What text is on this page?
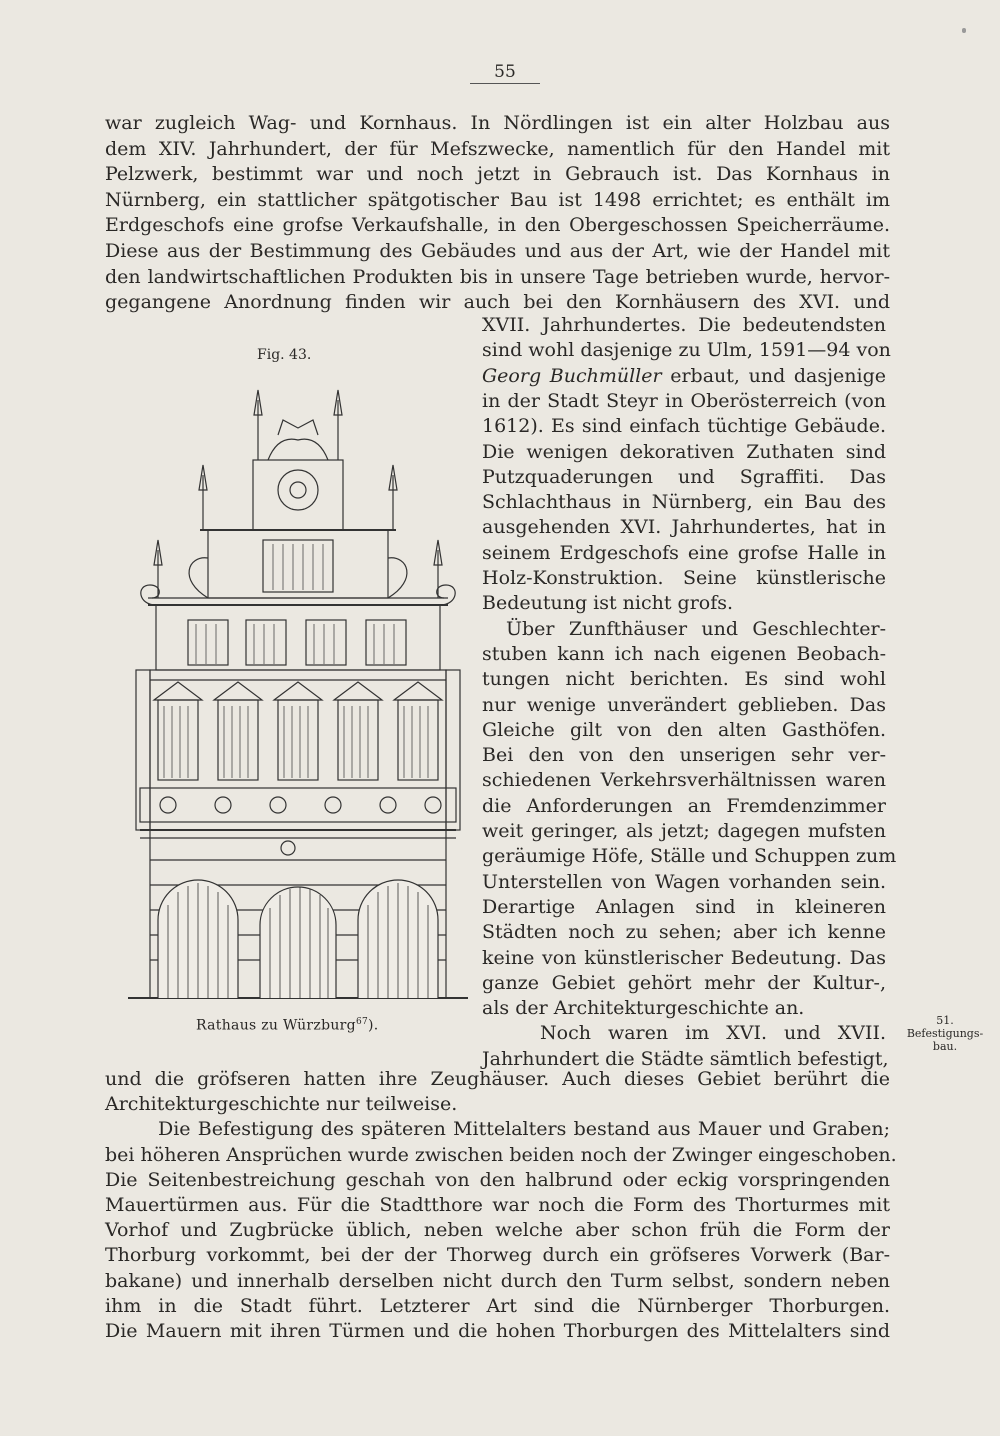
55
war zugleich Wag- und Kornhaus. In Nördlingen ist ein alter Holzbau aus
dem XIV. Jahrhundert, der für Mefszwecke, namentlich für den Handel mit
Pelzwerk, bestimmt war und noch jetzt in Gebrauch ist. Das Kornhaus in
Nürnberg, ein stattlicher spätgotischer Bau ist 1498 errichtet; es enthält im
Erdgeschofs eine grofse Verkaufshalle, in den Obergeschossen Speicherräume.
Diese aus der Bestimmung des Gebäudes und aus der Art, wie der Handel mit
den landwirtschaftlichen Produkten bis in unsere Tage betrieben wurde, hervor-
gegangene Anordnung finden wir auch bei den Kornhäusern des XVI. und
XVII. Jahrhundertes. Die bedeutendsten
sind wohl dasjenige zu Ulm, 1591—94 von
Georg Buchmüller erbaut, und dasjenige
in der Stadt Steyr in Oberösterreich (von
1612). Es sind einfach tüchtige Gebäude.
Die wenigen dekorativen Zuthaten sind
Putzquaderungen und Sgraffiti. Das
Schlachthaus in Nürnberg, ein Bau des
ausgehenden XVI. Jahrhundertes, hat in
seinem Erdgeschofs eine grofse Halle in
Holz-Konstruktion. Seine künstlerische
Bedeutung ist nicht grofs.
Über Zunfthäuser und Geschlechter-
stuben kann ich nach eigenen Beobach-
tungen nicht berichten. Es sind wohl
nur wenige unverändert geblieben. Das
Gleiche gilt von den alten Gasthöfen.
Bei den von den unserigen sehr ver-
schiedenen Verkehrsverhältnissen waren
die Anforderungen an Fremdenzimmer
weit geringer, als jetzt; dagegen mufsten
geräumige Höfe, Ställe und Schuppen zum
Unterstellen von Wagen vorhanden sein.
Derartige Anlagen sind in kleineren
Städten noch zu sehen; aber ich kenne
keine von künstlerischer Bedeutung. Das
ganze Gebiet gehört mehr der Kultur-,
als der Architekturgeschichte an.
Noch waren im XVI. und XVII.
Jahrhundert die Städte sämtlich befestigt,
und die gröfseren hatten ihre Zeughäuser. Auch dieses Gebiet berührt die
Architekturgeschichte nur teilweise.
Die Befestigung des späteren Mittelalters bestand aus Mauer und Graben;
bei höheren Ansprüchen wurde zwischen beiden noch der Zwinger eingeschoben.
Die Seitenbestreichung geschah von den halbrund oder eckig vorspringenden
Mauertürmen aus. Für die Stadtthore war noch die Form des Thorturmes mit
Vorhof und Zugbrücke üblich, neben welche aber schon früh die Form der
Thorburg vorkommt, bei der der Thorweg durch ein gröfseres Vorwerk (Bar-
bakane) und innerhalb derselben nicht durch den Turm selbst, sondern neben
ihm in die Stadt führt. Letzterer Art sind die Nürnberger Thorburgen.
Die Mauern mit ihren Türmen und die hohen Thorburgen des Mittelalters sind
Fig. 43.
Rathaus zu Würzburg$^{67}$).	51.
Befestigungs-
bau.
